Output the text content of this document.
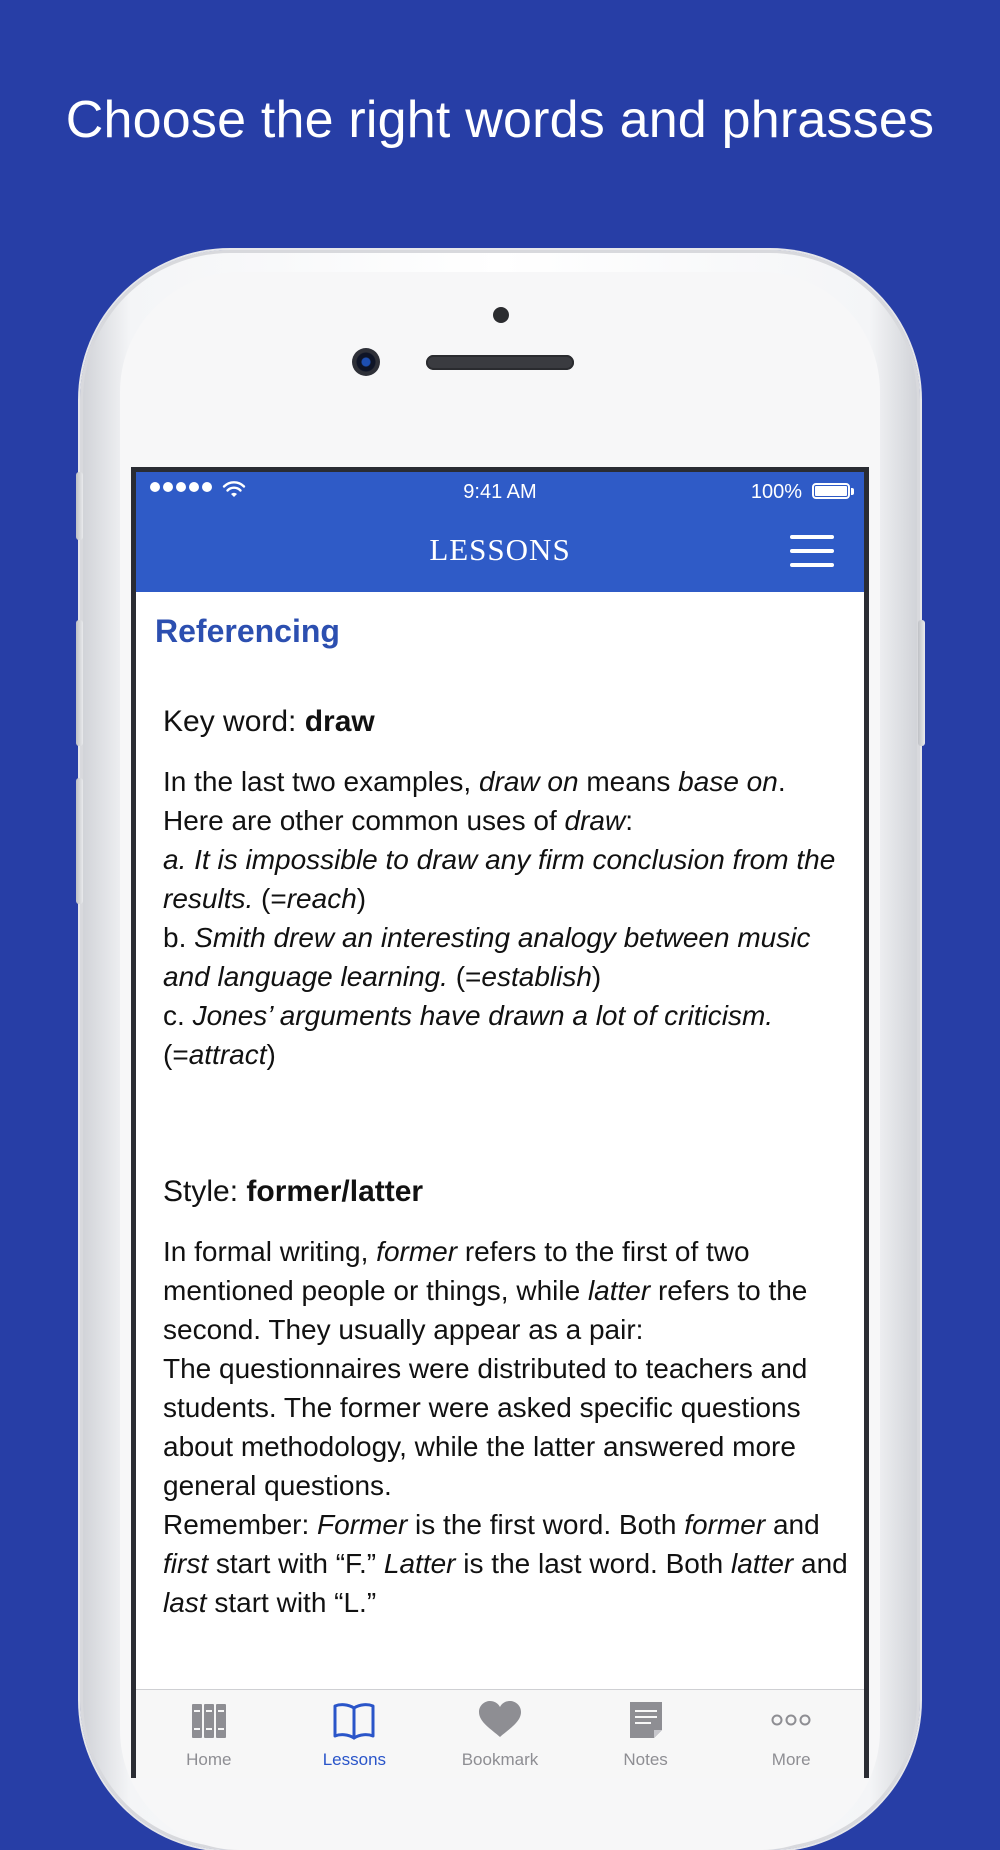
Choose the right words and phrasses
9:41 AM	100%
LESSONS
Referencing
Key word: draw

In the last two examples, draw on means base on.

Here are other common uses of draw:

a. It is impossible to draw any firm conclusion from the results. (=reach)

b. Smith drew an interesting analogy between music and language learning. (=establish)

c. Jones’ arguments have drawn a lot of criticism. (=attract)

Style: former/latter

In formal writing, former refers to the first of two mentioned people or things, while latter refers to the second. They usually appear as a pair:

The questionnaires were distributed to teachers and students. The former were asked specific questions about methodology, while the latter answered more general questions.

Remember: Former is the first word. Both former and first start with “F.” Latter is the last word. Both latter and last start with “L.”

Home	Lessons	Bookmark	Notes	More
